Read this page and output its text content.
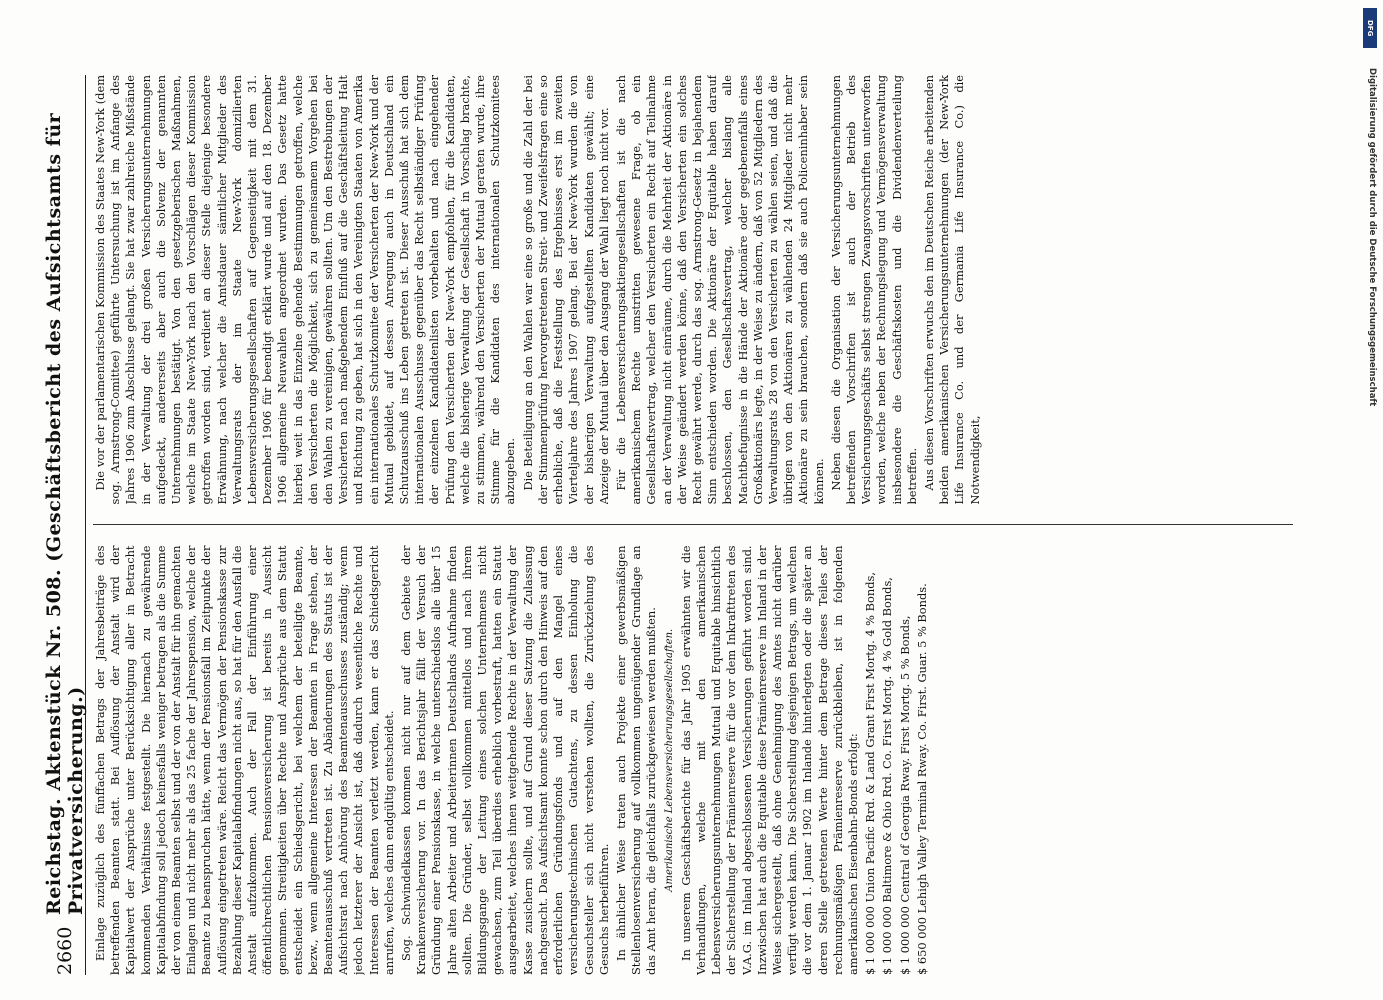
2660
Reichstag. Aktenstück Nr. 508. (Geschäftsbericht des Aufsichtsamts für Privatversicherung.) Einlage zuzüglich des fünffachen Betrags der Jahresbeiträge des betreffenden Beamten statt. Bei Auflösung der Anstalt wird der Kapitalwert der Ansprüche unter Berücksichtigung aller in Betracht kommenden Verhältnisse festgestellt. Die hiernach zu gewährende Kapitalabfindung soll jedoch keinesfalls weniger betragen als die Summe der von einem Beamten selbst und der von der Anstalt für ihn gemachten Einlagen und nicht mehr als das 25 fache der Jahrespension, welche der Beamte zu beanspruchen hätte, wenn der Pensionsfall im Zeitpunkte der Auflösung eingetreten wäre. Reicht das Vermögen der Pensionskasse zur Bezahlung dieser Kapitalabfindungen nicht aus, so hat für den Ausfall die Anstalt aufzukommen. Auch der Fall der Einführung einer öffentlichrechtlichen Pensionsversicherung ist bereits in Aussicht genommen. Streitigkeiten über Rechte und Ansprüche aus dem Statut entscheidet ein Schiedsgericht, bei welchem der beteiligte Beamte, bezw., wenn allgemeine Interessen der Beamten in Frage stehen, der Beamtenausschuß vertreten ist. Zu Abänderungen des Statuts ist der Aufsichtsrat nach Anhörung des Beamtenausschusses zuständig; wenn jedoch letzterer der Ansicht ist, daß dadurch wesentliche Rechte und Interessen der Beamten verletzt werden, kann er das Schiedsgericht anrufen, welches dann endgültig entscheidet. Sog. Schwindelkassen kommen nicht nur auf dem Gebiete der Krankenversicherung vor. In das Berichtsjahr fällt der Versuch der Gründung einer Pensionskasse, in welche unterschiedslos alle über 15 Jahre alten Arbeiter und Arbeiterinnen Deutschlands Aufnahme finden sollten. Die Gründer, selbst vollkommen mittellos und nach ihrem Bildungsgange der Leitung eines solchen Unternehmens nicht gewachsen, zum Teil überdies erheblich vorbestraft, hatten ein Statut ausgearbeitet, welches ihnen weitgehende Rechte in der Verwaltung der Kasse zusichern sollte, und auf Grund dieser Satzung die Zulassung nachgesucht. Das Aufsichtsamt konnte schon durch den Hinweis auf den erforderlichen Gründungsfonds und auf den Mangel eines versicherungstechnischen Gutachtens, zu dessen Einholung die Gesuchsteller sich nicht verstehen wollten, die Zurückziehung des Gesuchs herbeiführen. In ähnlicher Weise traten auch Projekte einer gewerbsmäßigen Stellenlosenversicherung auf vollkommen ungenügender Grundlage an das Amt heran, die gleichfalls zurückgewiesen werden mußten. Amerikanische Lebensversicherungsgesellschaften. In unserem Geschäftsberichte für das Jahr 1905 erwähnten wir die Verhandlungen, welche mit den amerikanischen Lebensversicherungsunternehmungen Mutual und Equitable hinsichtlich der Sicherstellung der Prämienreserve für die vor dem Inkrafttreten des V.A.G. im Inland abgeschlossenen Versicherungen geführt worden sind. Inzwischen hat auch die Equitable diese Prämienreserve im Inland in der Weise sichergestellt, daß ohne Genehmigung des Amtes nicht darüber verfügt werden kann. Die Sicherstellung desjenigen Betrags, um welchen die vor dem 1. Januar 1902 im Inlande hinterlegten oder die später an deren Stelle getretenen Werte hinter dem Betrage dieses Teiles der rechnungsmäßigen Prämienreserve zurückbleiben, ist in folgenden amerikanischen Eisenbahn-Bonds erfolgt: $ 1 000 000 Union Pacific Rrd. & Land Grant First Mortg. 4 % Bonds, $ 1 000 000 Baltimore & Ohio Rrd. Co. First Mortg. 4 % Gold Bonds, $ 1 000 000 Central of Georgia Rway. First Mortg. 5 % Bonds, $ 650 000 Lehigh Valley Terminal Rway. Co. First. Guar. 5 % Bonds.

Die vor der parlamentarischen Kommission des Staates New-York (dem sog. Armstrong-Comittee) geführte Untersuchung ist im Anfange des Jahres 1906 zum Abschlusse gelangt. Sie hat zwar zahlreiche Mißstände in der Verwaltung der drei großen Versicherungsunternehmungen aufgedeckt, andererseits aber auch die Solvenz der genannten Unternehmungen bestätigt. Von den gesetzgeberischen Maßnahmen, welche im Staate New-York nach den Vorschlägen dieser Kommission getroffen worden sind, verdient an dieser Stelle diejenige besondere Erwähnung, nach welcher die Amtsdauer sämtlicher Mitglieder des Verwaltungsrats der im Staate New-York domizilierten Lebensversicherungsgesellschaften auf Gegenseitigkeit mit dem 31. Dezember 1906 für beendigt erklärt wurde und auf den 18. Dezember 1906 allgemeine Neuwahlen angeordnet wurden. Das Gesetz hatte hierbei weit in das Einzelne gehende Bestimmungen getroffen, welche den Versicherten die Möglichkeit, sich zu gemeinsamem Vorgehen bei den Wahlen zu vereinigen, gewähren sollten. Um den Bestrebungen der Versicherten nach maßgebendem Einfluß auf die Geschäftsleitung Halt und Richtung zu geben, hat sich in den Vereinigten Staaten von Amerika ein internationales Schutzkomitee der Versicherten der New-York und der Mutual gebildet, auf dessen Anregung auch in Deutschland ein Schutzausschuß ins Leben getreten ist. Dieser Ausschuß hat sich dem internationalen Ausschusse gegenüber das Recht selbständiger Prüfung der einzelnen Kandidatenlisten vorbehalten und nach eingehender Prüfung den Versicherten der New-York empfohlen, für die Kandidaten, welche die bisherige Verwaltung der Gesellschaft in Vorschlag brachte, zu stimmen, während den Versicherten der Mutual geraten wurde, ihre Stimme für die Kandidaten des internationalen Schutzkomitees abzugeben. Die Beteiligung an den Wahlen war eine so große und die Zahl der bei der Stimmenprüfung hervorgetretenen Streit- und Zweifelsfragen eine so erhebliche, daß die Feststellung des Ergebnisses erst im zweiten Vierteljahre des Jahres 1907 gelang. Bei der New-York wurden die von der bisherigen Verwaltung aufgestellten Kandidaten gewählt; eine Anzeige der Mutual über den Ausgang der Wahl liegt noch nicht vor. Für die Lebensversicherungsaktiengesellschaften ist die nach amerikanischem Rechte umstritten gewesene Frage, ob ein Gesellschaftsvertrag, welcher den Versicherten ein Recht auf Teilnahme an der Verwaltung nicht einräume, durch die Mehrheit der Aktionäre in der Weise geändert werden könne, daß den Versicherten ein solches Recht gewährt werde, durch das sog. Armstrong-Gesetz in bejahendem Sinn entschieden worden. Die Aktionäre der Equitable haben darauf beschlossen, den Gesellschaftsvertrag, welcher bislang alle Machtbefugnisse in die Hände der Aktionäre oder gegebenenfalls eines Großaktionärs legte, in der Weise zu ändern, daß von 52 Mitgliedern des Verwaltungsrats 28 von den Versicherten zu wählen seien, und daß die übrigen von den Aktionären zu wählenden 24 Mitglieder nicht mehr Aktionäre zu sein brauchen, sondern daß sie auch Policeninhaber sein können. Neben diesen die Organisation der Versicherungsunternehmungen betreffenden Vorschriften ist auch der Betrieb des Versicherungsgeschäfts selbst strengen Zwangsvorschriften unterworfen worden, welche neben der Rechnungslegung und Vermögensverwaltung insbesondere die Geschäftskosten und die Dividendenverteilung betreffen. Aus diesen Vorschriften erwuchs den im Deutschen Reiche arbeitenden beiden amerikanischen Versicherungsunternehmungen (der New-York Life Insurance Co. und der Germania Life Insurance Co.) die Notwendigkeit,

DFG
Digitalisierung gefördert durch die Deutsche Forschungsgemeinschaft
